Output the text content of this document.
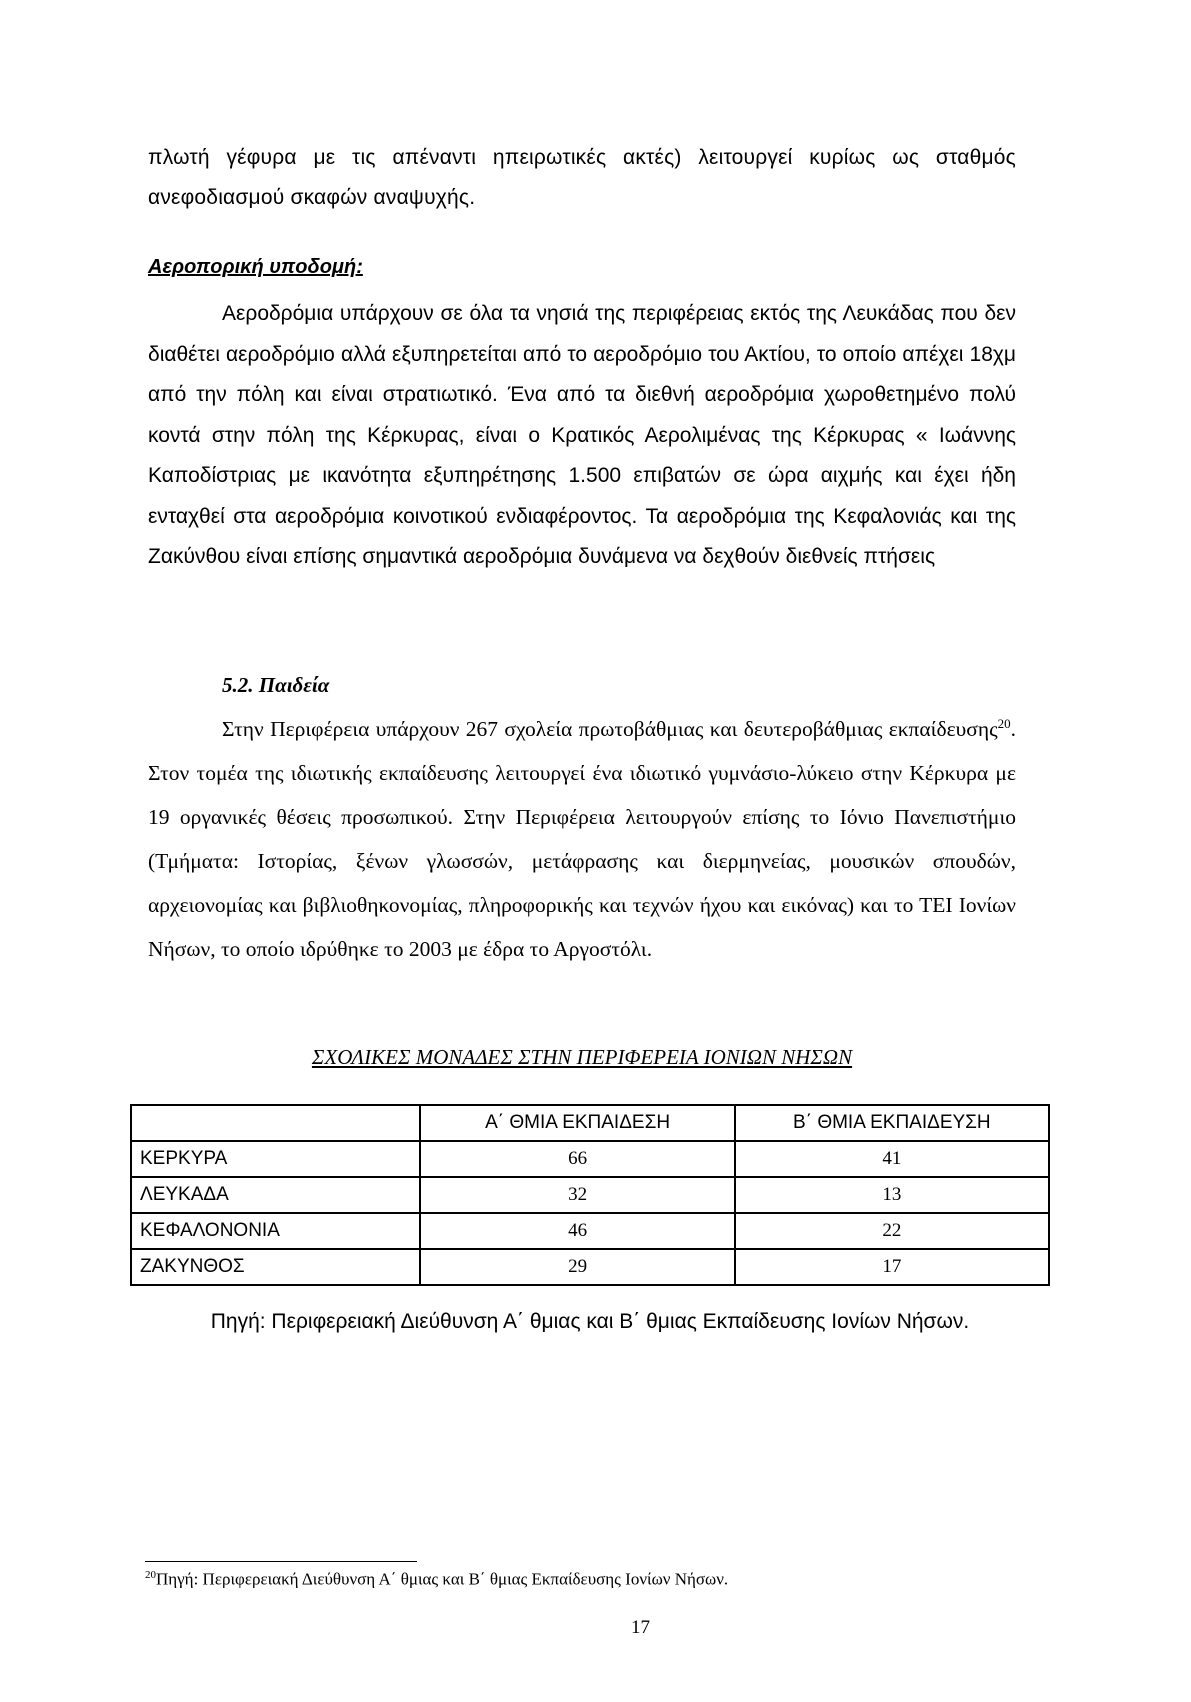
πλωτή γέφυρα με τις απέναντι ηπειρωτικές ακτές) λειτουργεί κυρίως ως σταθμός
ανεφοδιασμού σκαφών αναψυχής.
Αεροπορική υποδομή:
Αεροδρόμια υπάρχουν σε όλα τα νησιά της περιφέρειας εκτός της Λευκάδας που δεν διαθέτει αεροδρόμιο αλλά εξυπηρετείται από το αεροδρόμιο του Ακτίου, το οποίο απέχει 18χμ από την πόλη και είναι στρατιωτικό. Ένα από τα διεθνή αεροδρόμια χωροθετημένο πολύ κοντά στην πόλη της Κέρκυρας, είναι ο Κρατικός Αερολιμένας της Κέρκυρας « Ιωάννης Καποδίστριας με ικανότητα εξυπηρέτησης 1.500 επιβατών σε ώρα αιχμής και έχει ήδη ενταχθεί στα αεροδρόμια κοινοτικού ενδιαφέροντος. Τα αεροδρόμια της Κεφαλονιάς και της Ζακύνθου είναι επίσης σημαντικά αεροδρόμια δυνάμενα να δεχθούν διεθνείς πτήσεις
5.2. Παιδεία
Στην Περιφέρεια υπάρχουν 267 σχολεία πρωτοβάθμιας και δευτεροβάθμιας εκπαίδευσης$^{20}$. Στον τομέα της ιδιωτικής εκπαίδευσης λειτουργεί ένα ιδιωτικό γυμνάσιο-λύκειο στην Κέρκυρα με 19 οργανικές θέσεις προσωπικού. Στην Περιφέρεια λειτουργούν επίσης το Ιόνιο Πανεπιστήμιο (Τμήματα: Ιστορίας, ξένων γλωσσών, μετάφρασης και διερμηνείας, μουσικών σπουδών, αρχειονομίας και βιβλιοθηκονομίας, πληροφορικής και τεχνών ήχου και εικόνας) και το ΤΕΙ Ιονίων Νήσων, το οποίο ιδρύθηκε το 2003 με έδρα το Αργοστόλι.
ΣΧΟΛΙΚΕΣ ΜΟΝΑΔΕΣ ΣΤΗΝ ΠΕΡΙΦΕΡΕΙΑ ΙΟΝΙΩΝ ΝΗΣΩΝ
	Α΄ ΘΜΙΑ ΕΚΠΑΙΔΕΣΗ	Β΄ ΘΜΙΑ ΕΚΠΑΙΔΕΥΣΗ
ΚΕΡΚΥΡΑ	66	41
ΛΕΥΚΑΔΑ	32	13
ΚΕΦΑΛΟΝΟΝΙΑ	46	22
ΖΑΚΥΝΘΟΣ	29	17
Πηγή: Περιφερειακή Διεύθυνση Α΄ θμιας και Β΄ θμιας Εκπαίδευσης Ιονίων Νήσων.
$^{20}$Πηγή: Περιφερειακή Διεύθυνση Α΄ θμιας και Β΄ θμιας Εκπαίδευσης Ιονίων Νήσων.
17
